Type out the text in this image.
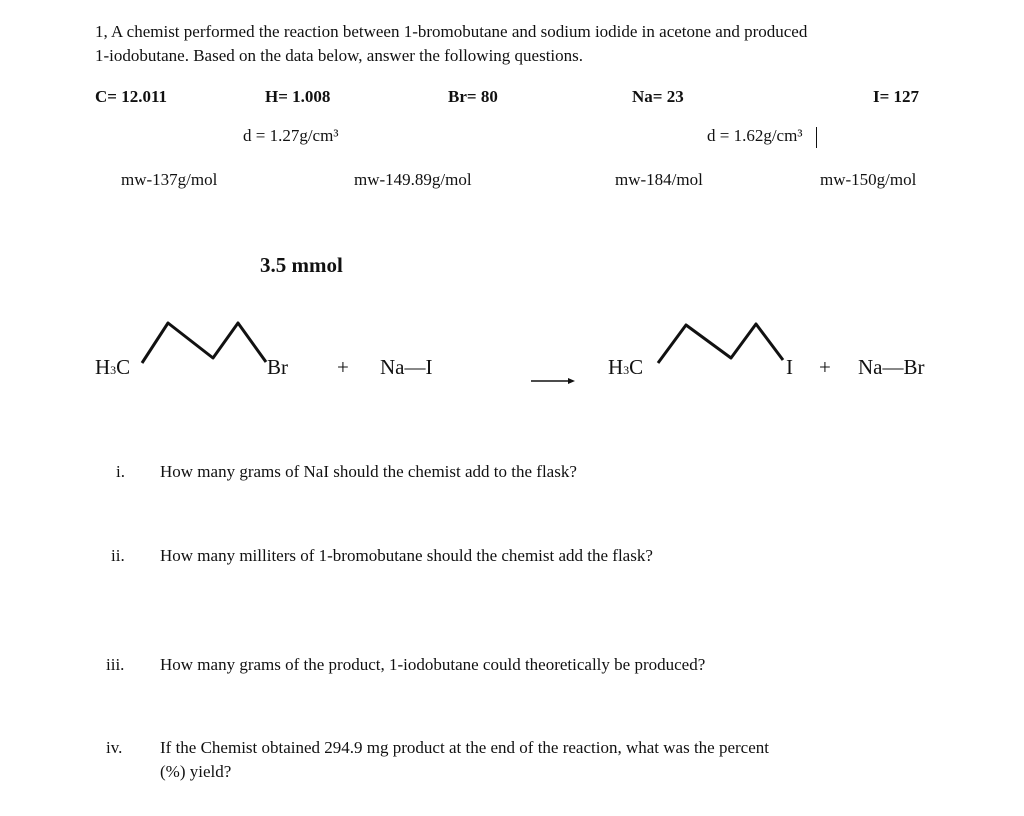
1, A chemist performed the reaction between 1-bromobutane and sodium iodide in acetone and produced
1-iodobutane. Based on the data below, answer the following questions.
C= 12.011	H= 1.008	Br= 80	Na= 23	I= 127
d = 1.27g/cm³	d = 1.62g/cm³
mw-137g/mol	mw-149.89g/mol	mw-184/mol	mw-150g/mol
3.5 mmol
H3C	Br + Na—I	H3C	I + Na—Br
i. How many grams of NaI should the chemist add to the flask?
ii. How many milliters of 1-bromobutane should the chemist add the flask?
iii. How many grams of the product, 1-iodobutane could theoretically be produced?
iv. If the Chemist obtained 294.9 mg product at the end of the reaction, what was the percent
(%) yield?
